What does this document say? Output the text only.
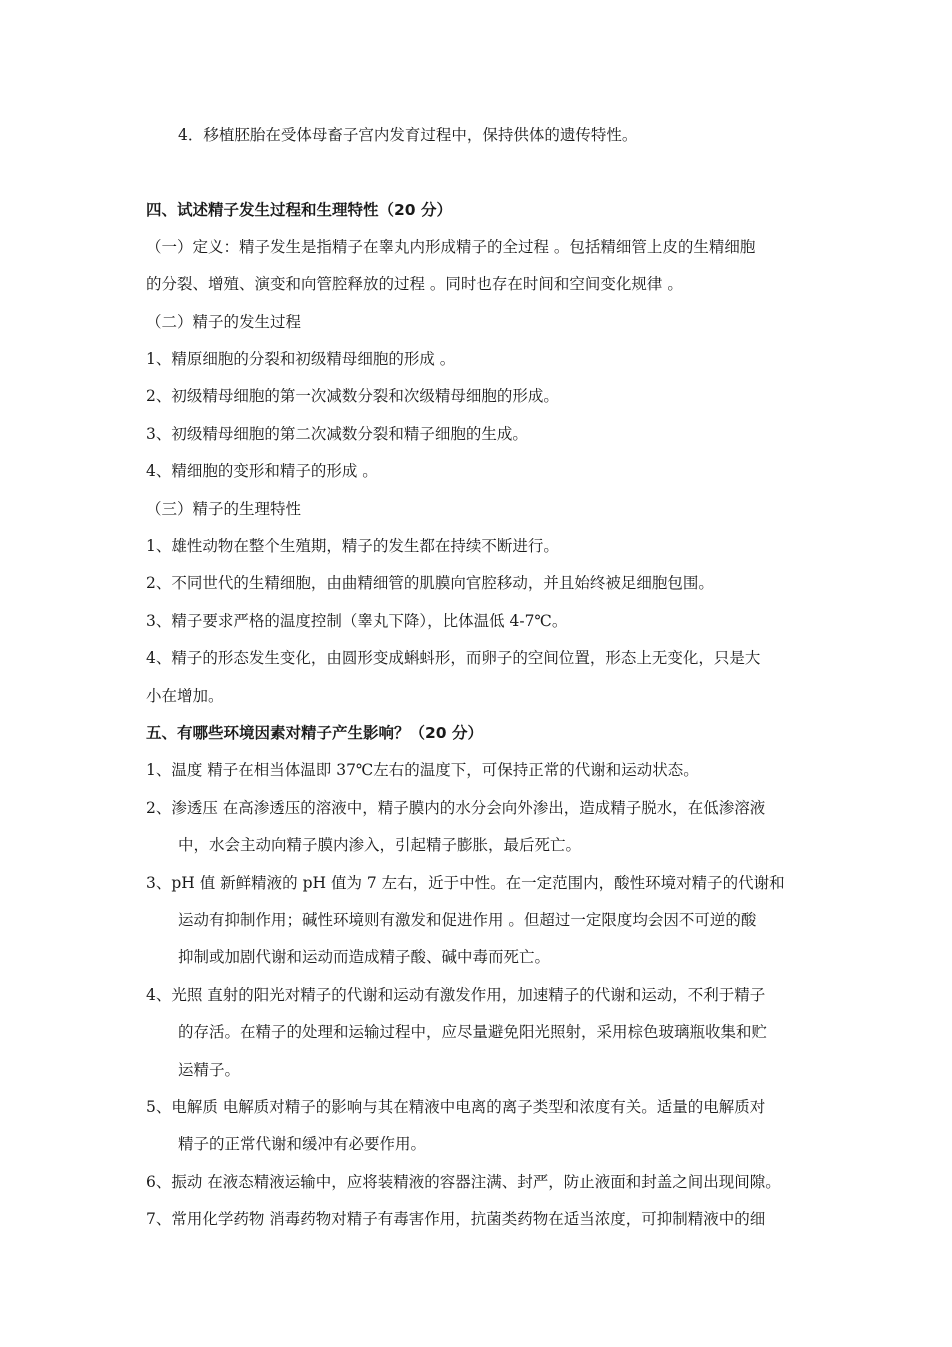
4．移植胚胎在受体母畜子宫内发育过程中，保持供体的遗传特性。
四、试述精子发生过程和生理特性（20 分）
（一）定义：精子发生是指精子在睾丸内形成精子的全过程 。包括精细管上皮的生精细胞
的分裂、增殖、演变和向管腔释放的过程 。同时也存在时间和空间变化规律 。
（二）精子的发生过程
1、精原细胞的分裂和初级精母细胞的形成 。
2、初级精母细胞的第一次减数分裂和次级精母细胞的形成。
3、初级精母细胞的第二次减数分裂和精子细胞的生成。
4、精细胞的变形和精子的形成 。
（三）精子的生理特性
1、雄性动物在整个生殖期，精子的发生都在持续不断进行。
2、不同世代的生精细胞，由曲精细管的肌膜向官腔移动，并且始终被足细胞包围。
3、精子要求严格的温度控制（睾丸下降），比体温低 4-7℃。
4、精子的形态发生变化，由圆形变成蝌蚪形，而卵子的空间位置，形态上无变化，只是大
小在增加。
五、有哪些环境因素对精子产生影响？（20 分）
1、温度 精子在相当体温即 37℃左右的温度下，可保持正常的代谢和运动状态。
2、渗透压 在高渗透压的溶液中，精子膜内的水分会向外渗出，造成精子脱水，在低渗溶液
中，水会主动向精子膜内渗入，引起精子膨胀，最后死亡。
3、pH 值 新鲜精液的 pH 值为 7 左右，近于中性。在一定范围内，酸性环境对精子的代谢和
运动有抑制作用；碱性环境则有激发和促进作用 。但超过一定限度均会因不可逆的酸
抑制或加剧代谢和运动而造成精子酸、碱中毒而死亡。
4、光照 直射的阳光对精子的代谢和运动有激发作用，加速精子的代谢和运动，不利于精子
的存活。在精子的处理和运输过程中，应尽量避免阳光照射，采用棕色玻璃瓶收集和贮
运精子。
5、电解质 电解质对精子的影响与其在精液中电离的离子类型和浓度有关。适量的电解质对
精子的正常代谢和缓冲有必要作用。
6、振动 在液态精液运输中，应将装精液的容器注满、封严，防止液面和封盖之间出现间隙。
7、常用化学药物 消毒药物对精子有毒害作用，抗菌类药物在适当浓度，可抑制精液中的细
